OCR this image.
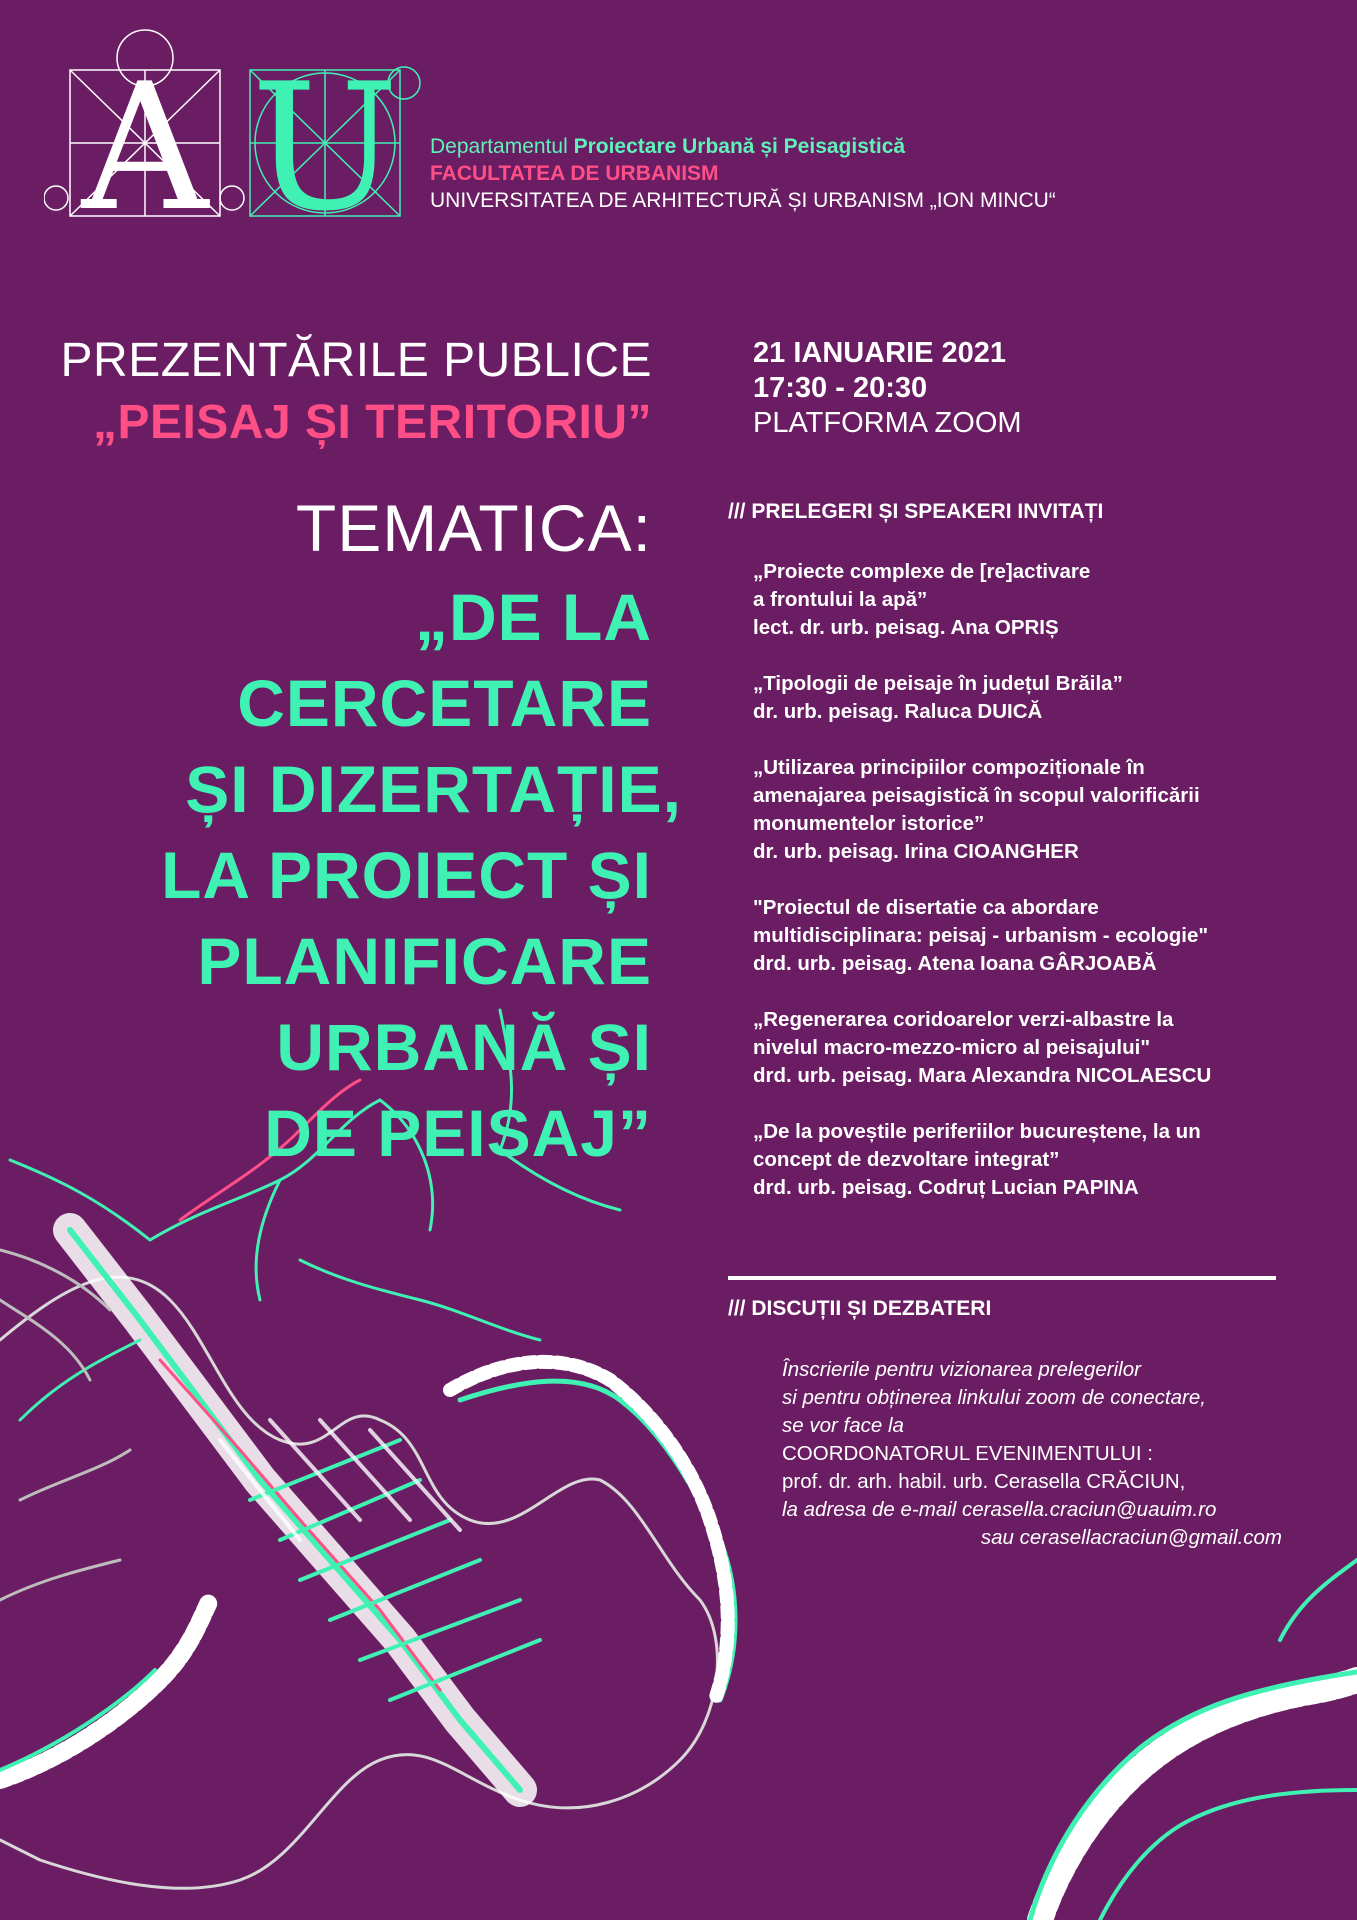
A U Departamentul Proiectare Urbană și Peisagistică
FACULTATEA DE URBANISM
UNIVERSITATEA DE ARHITECTURĂ ȘI URBANISM „ION MINCU“
PREZENTĂRILE PUBLICE
„PEISAJ ȘI TERITORIU”
21 IANUARIE 2021
17:30 - 20:30
PLATFORMA ZOOM
TEMATICA:
„DE LA
CERCETARE
ȘI DIZERTAȚIE,
LA PROIECT ȘI
PLANIFICARE
URBANĂ ȘI
DE PEISAJ”
/// PRELEGERI ȘI SPEAKERI INVITAȚI
„Proiecte complexe de [re]activare
a frontului la apă”
lect. dr. urb. peisag. Ana OPRIȘ
„Tipologii de peisaje în județul Brăila”
dr. urb. peisag. Raluca DUICĂ
„Utilizarea principiilor compoziționale în
amenajarea peisagistică în scopul valorificării
monumentelor istorice”
dr. urb. peisag. Irina CIOANGHER
"Proiectul de disertatie ca abordare
multidisciplinara: peisaj - urbanism - ecologie"
drd. urb. peisag. Atena Ioana GÂRJOABĂ
„Regenerarea coridoarelor verzi-albastre la
nivelul macro-mezzo-micro al peisajului"
drd. urb. peisag. Mara Alexandra NICOLAESCU
„De la poveștile periferiilor bucureștene, la un
concept de dezvoltare integrat”
drd. urb. peisag. Codruț Lucian PAPINA
/// DISCUȚII ȘI DEZBATERI
Înscrierile pentru vizionarea prelegerilor
si pentru obținerea linkului zoom de conectare,
se vor face la
COORDONATORUL EVENIMENTULUI :
prof. dr. arh. habil. urb. Cerasella CRĂCIUN,
la adresa de e-mail cerasella.craciun@uauim.ro
sau cerasellacraciun@gmail.com
